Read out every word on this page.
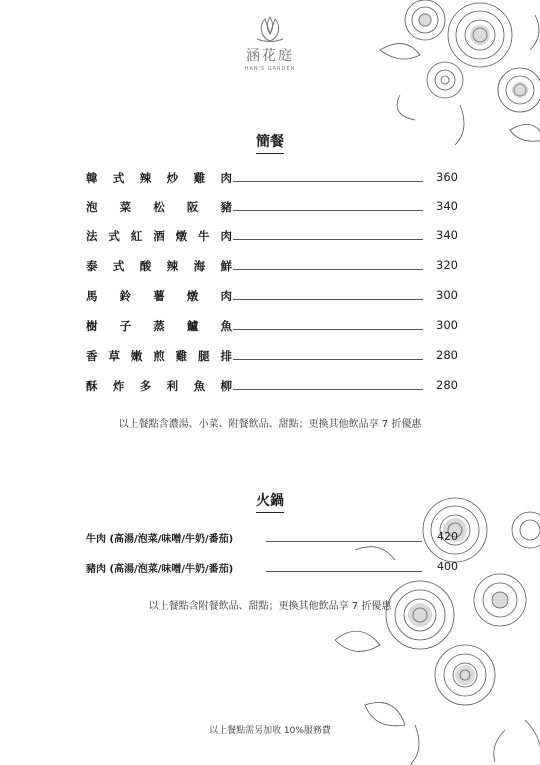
涵花庭
HAN'S GARDEN
簡餐
韓 式 辣 炒 雞 肉	360
泡 菜 松 阪 豬	340
法 式 紅 酒 燉 牛 肉	340
泰 式 酸 辣 海 鮮	320
馬 鈴 薯 燉 肉	300
樹 子 蒸 鱸 魚	300
香 草 嫩 煎 雞 腿 排	280
酥 炸 多 利 魚 柳	280
以上餐點含濃湯、小菜、附餐飲品、甜點；更換其他飲品享 7 折優惠
火鍋
牛肉 (高湯/泡菜/味噌/牛奶/番茄)	420
豬肉 (高湯/泡菜/味噌/牛奶/番茄)	400
以上餐點含附餐飲品、甜點；更換其他飲品享 7 折優惠
以上餐點需另加收 10%服務費
